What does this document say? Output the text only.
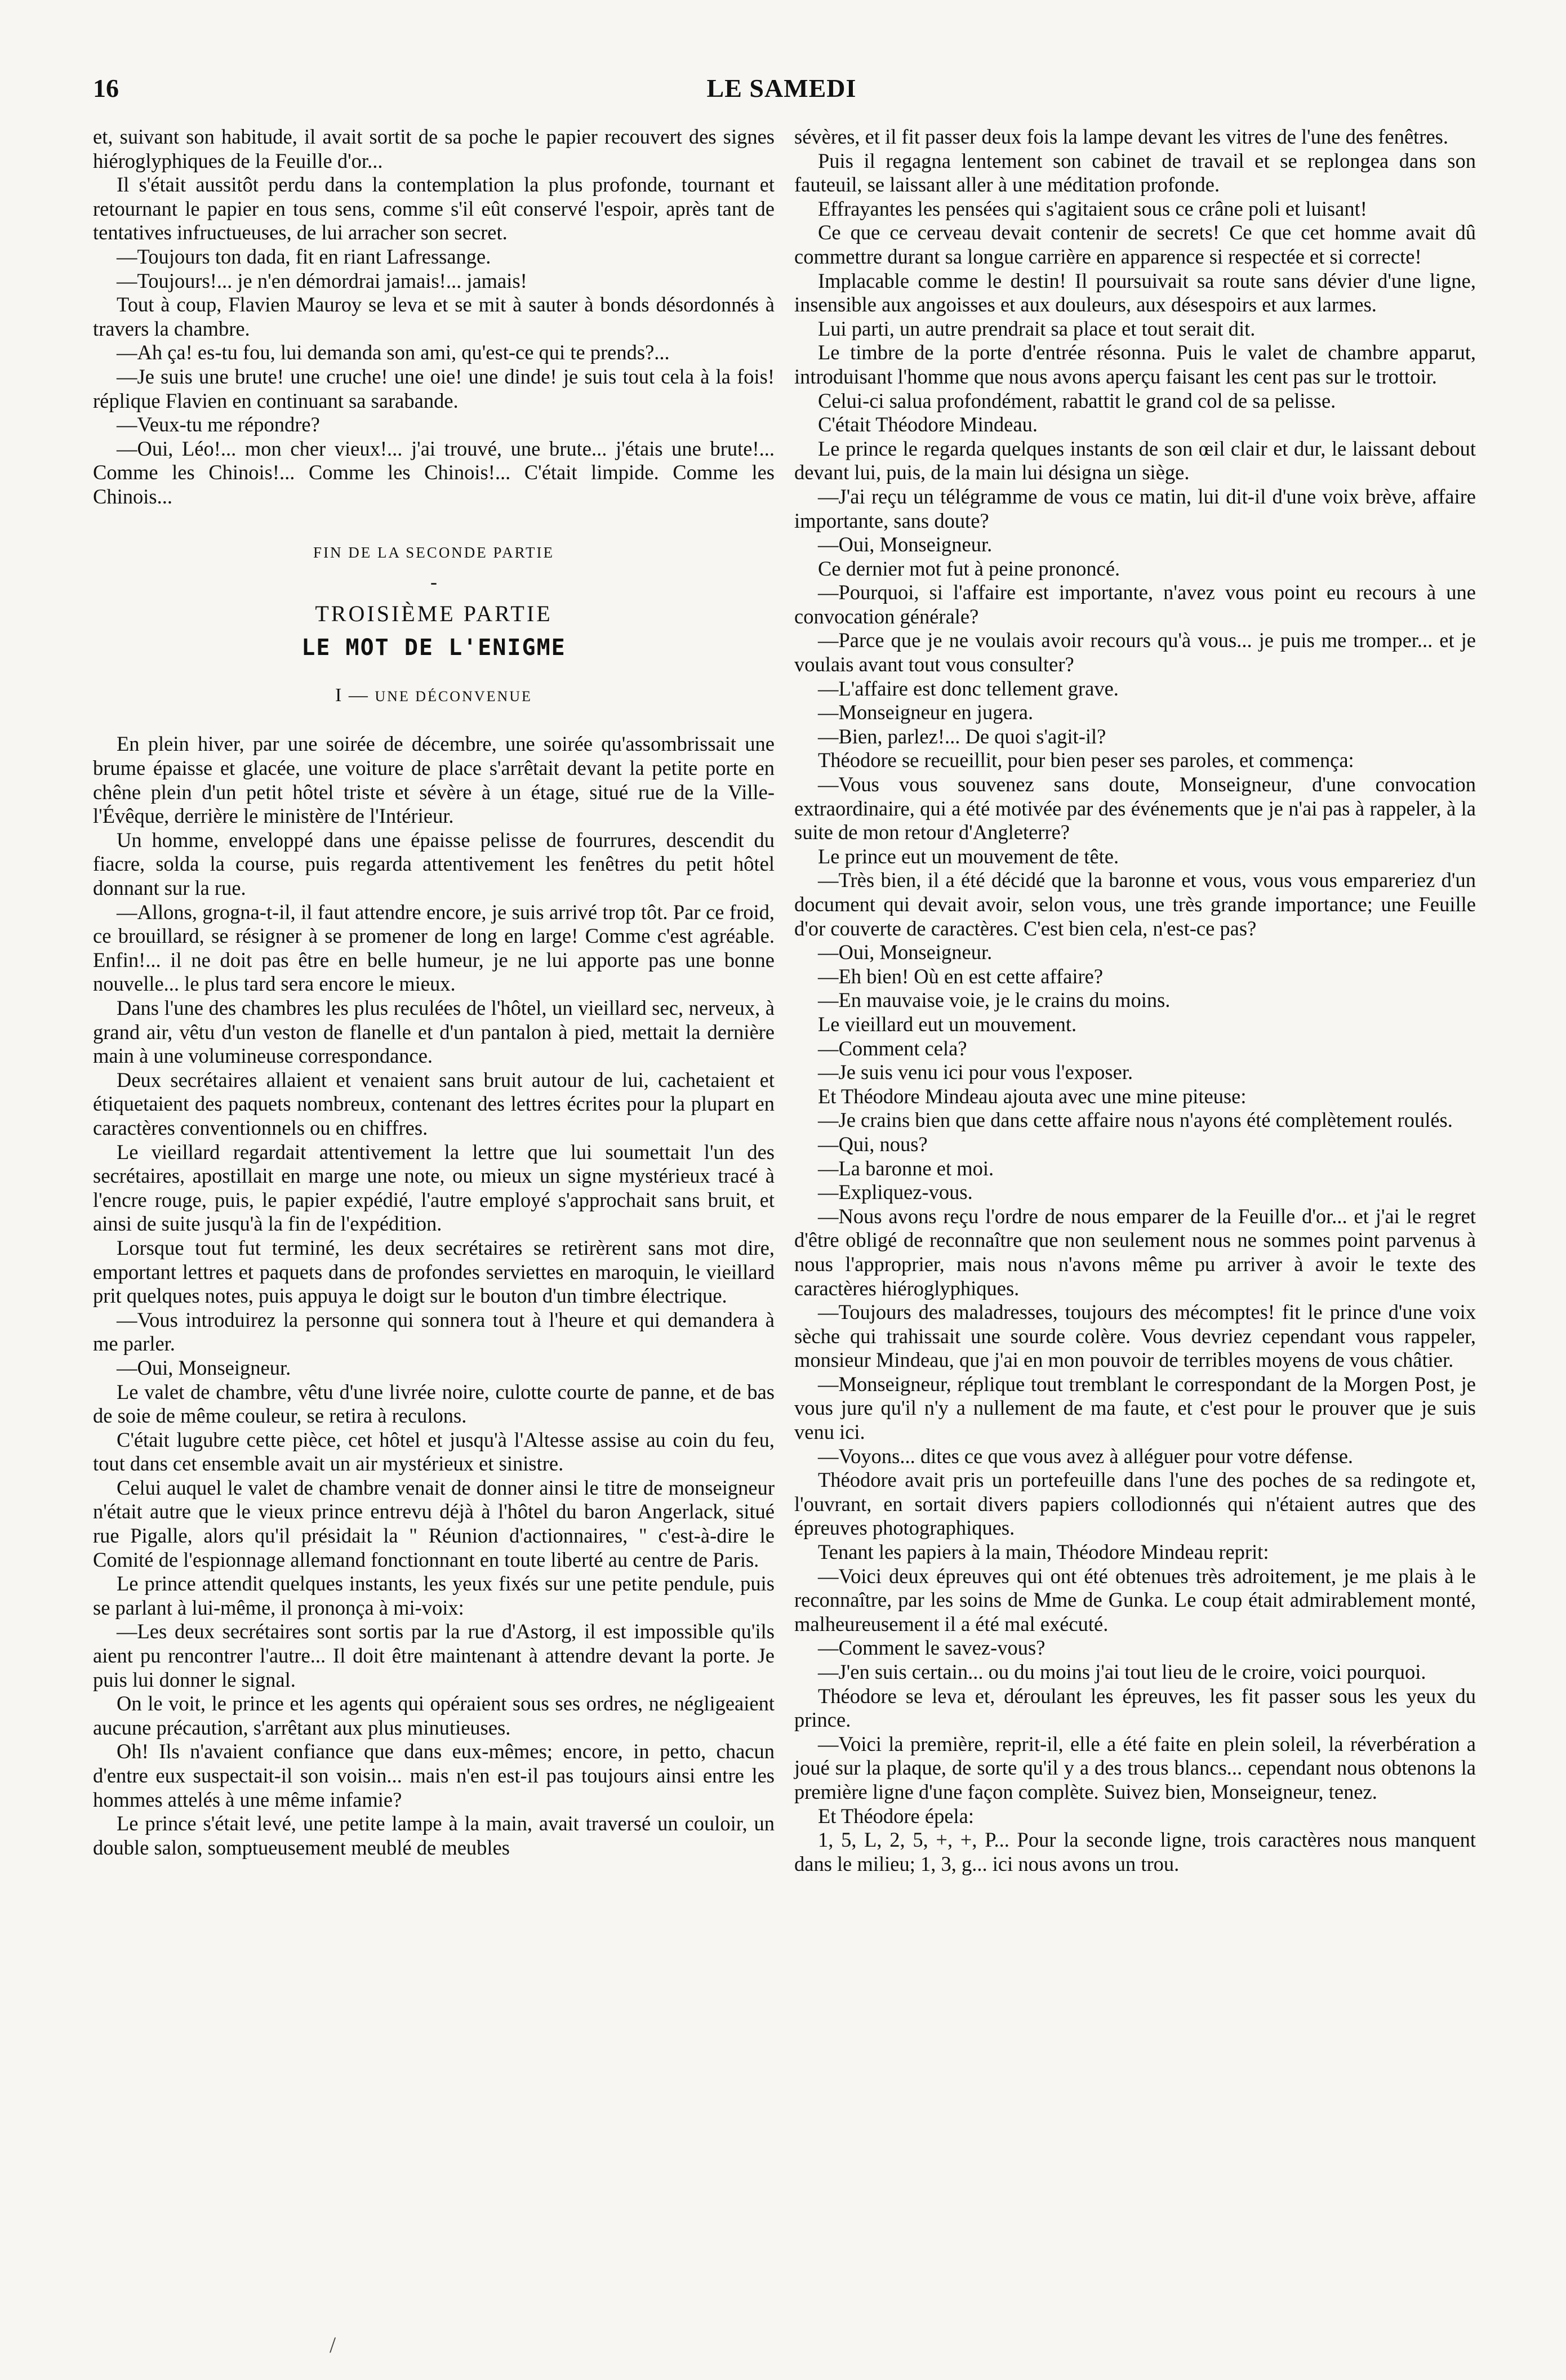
16	LE SAMEDI

et, suivant son habitude, il avait sortit de sa poche le papier recouvert des signes hiéroglyphiques de la Feuille d'or...

Il s'était aussitôt perdu dans la contemplation la plus profonde, tournant et retournant le papier en tous sens, comme s'il eût conservé l'espoir, après tant de tentatives infructueuses, de lui arracher son secret.

—Toujours ton dada, fit en riant Lafressange.

—Toujours!... je n'en démordrai jamais!... jamais!

Tout à coup, Flavien Mauroy se leva et se mit à sauter à bonds désordonnés à travers la chambre.

—Ah ça! es-tu fou, lui demanda son ami, qu'est-ce qui te prends?...

—Je suis une brute! une cruche! une oie! une dinde! je suis tout cela à la fois! réplique Flavien en continuant sa sarabande.

—Veux-tu me répondre?

—Oui, Léo!... mon cher vieux!... j'ai trouvé, une brute... j'étais une brute!... Comme les Chinois!... Comme les Chinois!... C'était limpide. Comme les Chinois...

FIN DE LA SECONDE PARTIE
-
TROISIÈME PARTIE
LE MOT DE L'ENIGME
I — UNE DÉCONVENUE

En plein hiver, par une soirée de décembre, une soirée qu'assombrissait une brume épaisse et glacée, une voiture de place s'arrêtait devant la petite porte en chêne plein d'un petit hôtel triste et sévère à un étage, situé rue de la Ville-l'Évêque, derrière le ministère de l'Intérieur.

Un homme, enveloppé dans une épaisse pelisse de fourrures, descendit du fiacre, solda la course, puis regarda attentivement les fenêtres du petit hôtel donnant sur la rue.

—Allons, grogna-t-il, il faut attendre encore, je suis arrivé trop tôt. Par ce froid, ce brouillard, se résigner à se promener de long en large! Comme c'est agréable. Enfin!... il ne doit pas être en belle humeur, je ne lui apporte pas une bonne nouvelle... le plus tard sera encore le mieux.

Dans l'une des chambres les plus reculées de l'hôtel, un vieillard sec, nerveux, à grand air, vêtu d'un veston de flanelle et d'un pantalon à pied, mettait la dernière main à une volumineuse correspondance.

Deux secrétaires allaient et venaient sans bruit autour de lui, cachetaient et étiquetaient des paquets nombreux, contenant des lettres écrites pour la plupart en caractères conventionnels ou en chiffres.

Le vieillard regardait attentivement la lettre que lui soumettait l'un des secrétaires, apostillait en marge une note, ou mieux un signe mystérieux tracé à l'encre rouge, puis, le papier expédié, l'autre employé s'approchait sans bruit, et ainsi de suite jusqu'à la fin de l'expédition.

Lorsque tout fut terminé, les deux secrétaires se retirèrent sans mot dire, emportant lettres et paquets dans de profondes serviettes en maroquin, le vieillard prit quelques notes, puis appuya le doigt sur le bouton d'un timbre électrique.

—Vous introduirez la personne qui sonnera tout à l'heure et qui demandera à me parler.

—Oui, Monseigneur.

Le valet de chambre, vêtu d'une livrée noire, culotte courte de panne, et de bas de soie de même couleur, se retira à reculons.

C'était lugubre cette pièce, cet hôtel et jusqu'à l'Altesse assise au coin du feu, tout dans cet ensemble avait un air mystérieux et sinistre.

Celui auquel le valet de chambre venait de donner ainsi le titre de monseigneur n'était autre que le vieux prince entrevu déjà à l'hôtel du baron Angerlack, situé rue Pigalle, alors qu'il présidait la " Réunion d'actionnaires, " c'est-à-dire le Comité de l'espionnage allemand fonctionnant en toute liberté au centre de Paris.

Le prince attendit quelques instants, les yeux fixés sur une petite pendule, puis se parlant à lui-même, il prononça à mi-voix:

—Les deux secrétaires sont sortis par la rue d'Astorg, il est impossible qu'ils aient pu rencontrer l'autre... Il doit être maintenant à attendre devant la porte. Je puis lui donner le signal.

On le voit, le prince et les agents qui opéraient sous ses ordres, ne négligeaient aucune précaution, s'arrêtant aux plus minutieuses.

Oh! Ils n'avaient confiance que dans eux-mêmes; encore, in petto, chacun d'entre eux suspectait-il son voisin... mais n'en est-il pas toujours ainsi entre les hommes attelés à une même infamie?

Le prince s'était levé, une petite lampe à la main, avait traversé un couloir, un double salon, somptueusement meublé de meubles

sévères, et il fit passer deux fois la lampe devant les vitres de l'une des fenêtres.

Puis il regagna lentement son cabinet de travail et se replongea dans son fauteuil, se laissant aller à une méditation profonde.

Effrayantes les pensées qui s'agitaient sous ce crâne poli et luisant!

Ce que ce cerveau devait contenir de secrets! Ce que cet homme avait dû commettre durant sa longue carrière en apparence si respectée et si correcte!

Implacable comme le destin! Il poursuivait sa route sans dévier d'une ligne, insensible aux angoisses et aux douleurs, aux désespoirs et aux larmes.

Lui parti, un autre prendrait sa place et tout serait dit.

Le timbre de la porte d'entrée résonna. Puis le valet de chambre apparut, introduisant l'homme que nous avons aperçu faisant les cent pas sur le trottoir.

Celui-ci salua profondément, rabattit le grand col de sa pelisse.

C'était Théodore Mindeau.

Le prince le regarda quelques instants de son œil clair et dur, le laissant debout devant lui, puis, de la main lui désigna un siège.

—J'ai reçu un télégramme de vous ce matin, lui dit-il d'une voix brève, affaire importante, sans doute?

—Oui, Monseigneur.

Ce dernier mot fut à peine prononcé.

—Pourquoi, si l'affaire est importante, n'avez vous point eu recours à une convocation générale?

—Parce que je ne voulais avoir recours qu'à vous... je puis me tromper... et je voulais avant tout vous consulter?

—L'affaire est donc tellement grave.

—Monseigneur en jugera.

—Bien, parlez!... De quoi s'agit-il?

Théodore se recueillit, pour bien peser ses paroles, et commença:

—Vous vous souvenez sans doute, Monseigneur, d'une convocation extraordinaire, qui a été motivée par des événements que je n'ai pas à rappeler, à la suite de mon retour d'Angleterre?

Le prince eut un mouvement de tête.

—Très bien, il a été décidé que la baronne et vous, vous vous empareriez d'un document qui devait avoir, selon vous, une très grande importance; une Feuille d'or couverte de caractères. C'est bien cela, n'est-ce pas?

—Oui, Monseigneur.

—Eh bien! Où en est cette affaire?

—En mauvaise voie, je le crains du moins.

Le vieillard eut un mouvement.

—Comment cela?

—Je suis venu ici pour vous l'exposer.

Et Théodore Mindeau ajouta avec une mine piteuse:

—Je crains bien que dans cette affaire nous n'ayons été complètement roulés.

—Qui, nous?

—La baronne et moi.

—Expliquez-vous.

—Nous avons reçu l'ordre de nous emparer de la Feuille d'or... et j'ai le regret d'être obligé de reconnaître que non seulement nous ne sommes point parvenus à nous l'approprier, mais nous n'avons même pu arriver à avoir le texte des caractères hiéroglyphiques.

—Toujours des maladresses, toujours des mécomptes! fit le prince d'une voix sèche qui trahissait une sourde colère. Vous devriez cependant vous rappeler, monsieur Mindeau, que j'ai en mon pouvoir de terribles moyens de vous châtier.

—Monseigneur, réplique tout tremblant le correspondant de la Morgen Post, je vous jure qu'il n'y a nullement de ma faute, et c'est pour le prouver que je suis venu ici.

—Voyons... dites ce que vous avez à alléguer pour votre défense.

Théodore avait pris un portefeuille dans l'une des poches de sa redingote et, l'ouvrant, en sortait divers papiers collodionnés qui n'étaient autres que des épreuves photographiques.

Tenant les papiers à la main, Théodore Mindeau reprit:

—Voici deux épreuves qui ont été obtenues très adroitement, je me plais à le reconnaître, par les soins de Mme de Gunka. Le coup était admirablement monté, malheureusement il a été mal exécuté.

—Comment le savez-vous?

—J'en suis certain... ou du moins j'ai tout lieu de le croire, voici pourquoi.

Théodore se leva et, déroulant les épreuves, les fit passer sous les yeux du prince.

—Voici la première, reprit-il, elle a été faite en plein soleil, la réverbération a joué sur la plaque, de sorte qu'il y a des trous blancs... cependant nous obtenons la première ligne d'une façon complète. Suivez bien, Monseigneur, tenez.

Et Théodore épela:

1, 5, L, 2, 5, +, +, P... Pour la seconde ligne, trois caractères nous manquent dans le milieu; 1, 3, g... ici nous avons un trou.

/
